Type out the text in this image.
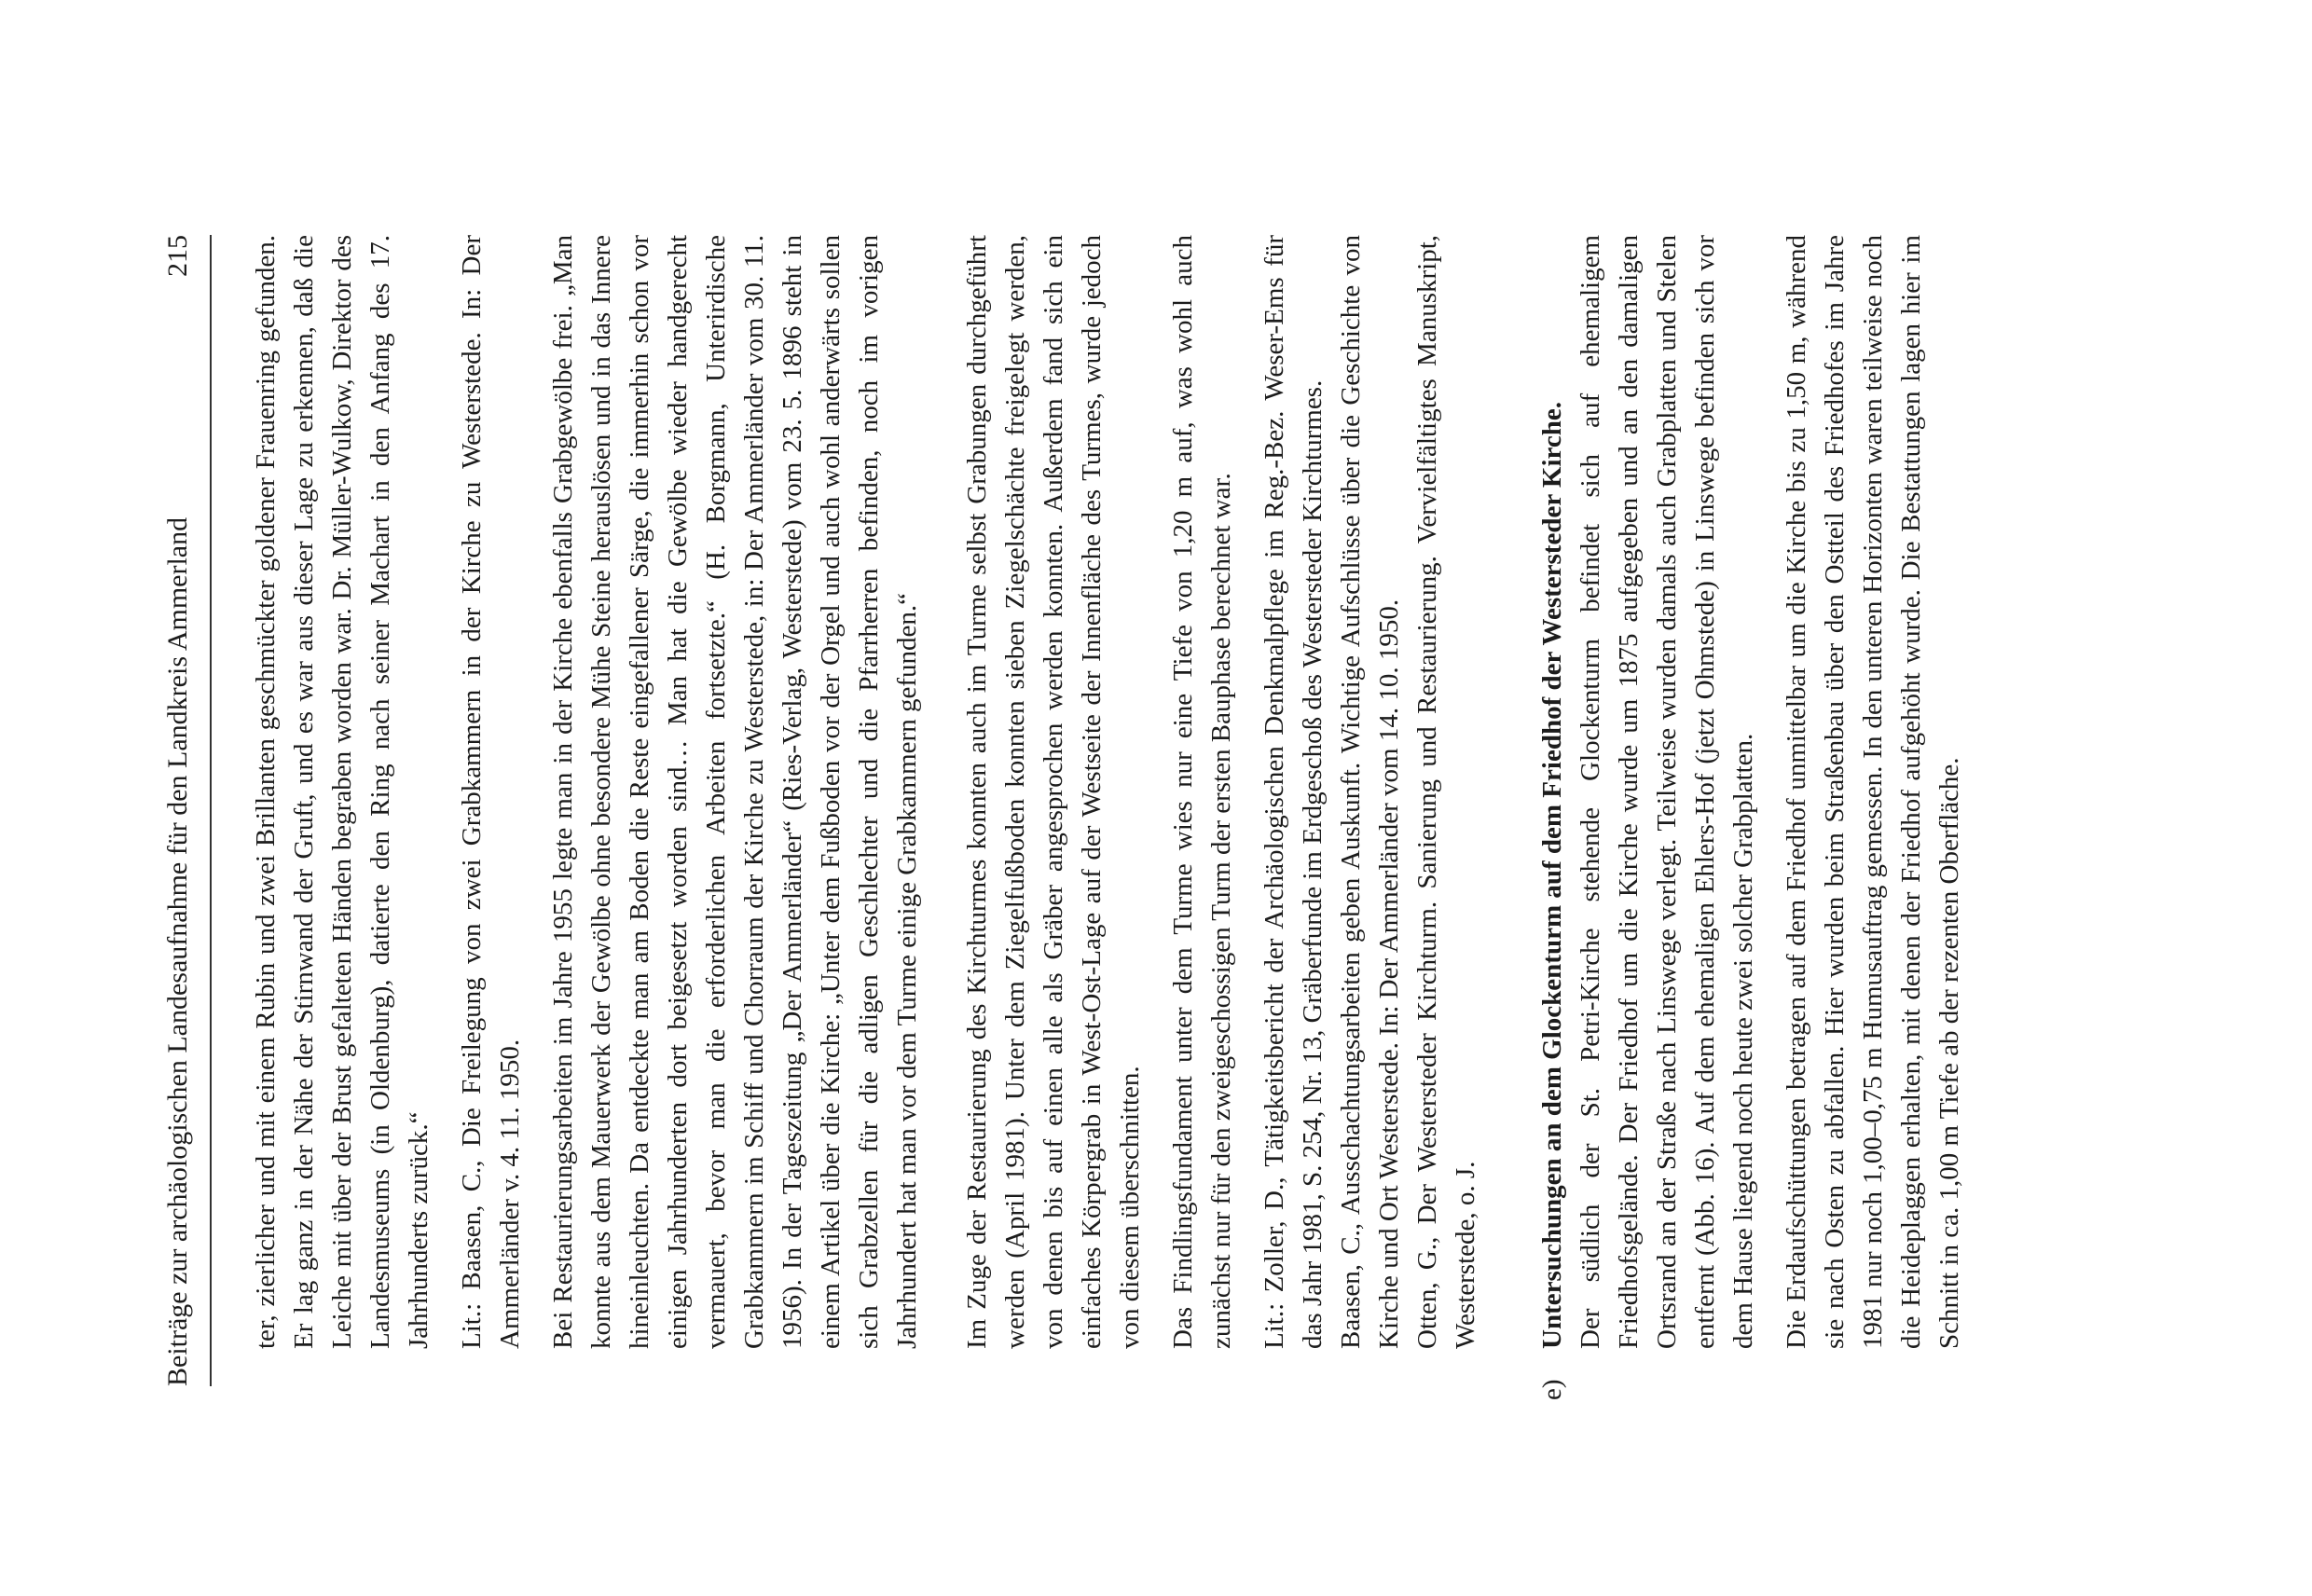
Beiträge zur archäologischen Landesaufnahme für den Landkreis Ammerland
215	ter, zierlicher und mit einem Rubin und zwei Brillanten geschmückter goldener Frauenring gefunden. Er lag ganz in der Nähe der Stirnwand der Gruft, und es war aus dieser Lage zu erkennen, daß die Leiche mit über der Brust gefalteten Händen begraben worden war. Dr. Müller-Wulkow, Direktor des Landesmuseums (in Oldenburg), datierte den Ring nach seiner Machart in den Anfang des 17. Jahrhunderts zurück.“ Lit.: Baasen, C., Die Freilegung von zwei Grabkammern in der Kirche zu Westerstede. In: Der Ammerländer v. 4. 11. 1950. Bei Restaurierungsarbeiten im Jahre 1955 legte man in der Kirche ebenfalls Grabgewölbe frei. „Man konnte aus dem Mauerwerk der Gewölbe ohne besondere Mühe Steine herauslösen und in das Innere hineinleuchten. Da entdeckte man am Boden die Reste eingefallener Särge, die immerhin schon vor einigen Jahrhunderten dort beigesetzt worden sind… Man hat die Gewölbe wieder handgerecht vermauert, bevor man die erforderlichen Arbeiten fortsetzte.“ (H. Borgmann, Unterirdische Grabkammern im Schiff und Chorraum der Kirche zu Westerstede, in: Der Ammerländer vom 30. 11. 1956). In der Tageszeitung „Der Ammerländer“ (Ries-Verlag, Westerstede) vom 23. 5. 1896 steht in einem Artikel über die Kirche: „Unter dem Fußboden vor der Orgel und auch wohl anderwärts sollen sich Grabzellen für die adligen Geschlechter und die Pfarrherren befinden, noch im vorigen Jahrhundert hat man vor dem Turme einige Grabkammern gefunden.“ Im Zuge der Restaurierung des Kirchturmes konnten auch im Turme selbst Grabungen durchgeführt werden (April 1981). Unter dem Ziegelfußboden konnten sieben Ziegelschächte freigelegt werden, von denen bis auf einen alle als Gräber angesprochen werden konnten. Außerdem fand sich ein einfaches Körpergrab in West-Ost-Lage auf der Westseite der Innenfläche des Turmes, wurde jedoch von diesem überschnitten. Das Findlingsfundament unter dem Turme wies nur eine Tiefe von 1,20 m auf, was wohl auch zunächst nur für den zweigeschossigen Turm der ersten Bauphase berechnet war. Lit.: Zoller, D., Tätigkeitsbericht der Archäologischen Denkmalpflege im Reg.-Bez. Weser-Ems für das Jahr 1981, S. 254, Nr. 13, Gräberfunde im Erdgeschoß des Westersteder Kirchturmes. Baasen, C., Ausschachtungsarbeiten geben Auskunft. Wichtige Aufschlüsse über die Geschichte von Kirche und Ort Westerstede. In: Der Ammerländer vom 14. 10. 1950. Otten, G., Der Westersteder Kirchturm. Sanierung und Restaurierung. Vervielfältigtes Manuskript, Westerstede, o. J.

e)

Untersuchungen an dem Glockenturm auf dem Friedhof der Westersteder Kirche. Der südlich der St. Petri-Kirche stehende Glockenturm befindet sich auf ehemaligem Friedhofsgelände. Der Friedhof um die Kirche wurde um 1875 aufgegeben und an den damaligen Ortsrand an der Straße nach Linswege verlegt. Teilweise wurden damals auch Grabplatten und Stelen entfernt (Abb. 16). Auf dem ehemaligen Ehlers-Hof (jetzt Ohmstede) in Linswege befinden sich vor dem Hause liegend noch heute zwei solcher Grabplatten. Die Erdaufschüttungen betragen auf dem Friedhof unmittelbar um die Kirche bis zu 1,50 m, während sie nach Osten zu abfallen. Hier wurden beim Straßenbau über den Ostteil des Friedhofes im Jahre 1981 nur noch 1,00–0,75 m Humusauftrag gemessen. In den unteren Horizonten waren teilweise noch die Heideplaggen erhalten, mit denen der Friedhof aufgehöht wurde. Die Bestattungen lagen hier im Schnitt in ca. 1,00 m Tiefe ab der rezenten Oberfläche.
